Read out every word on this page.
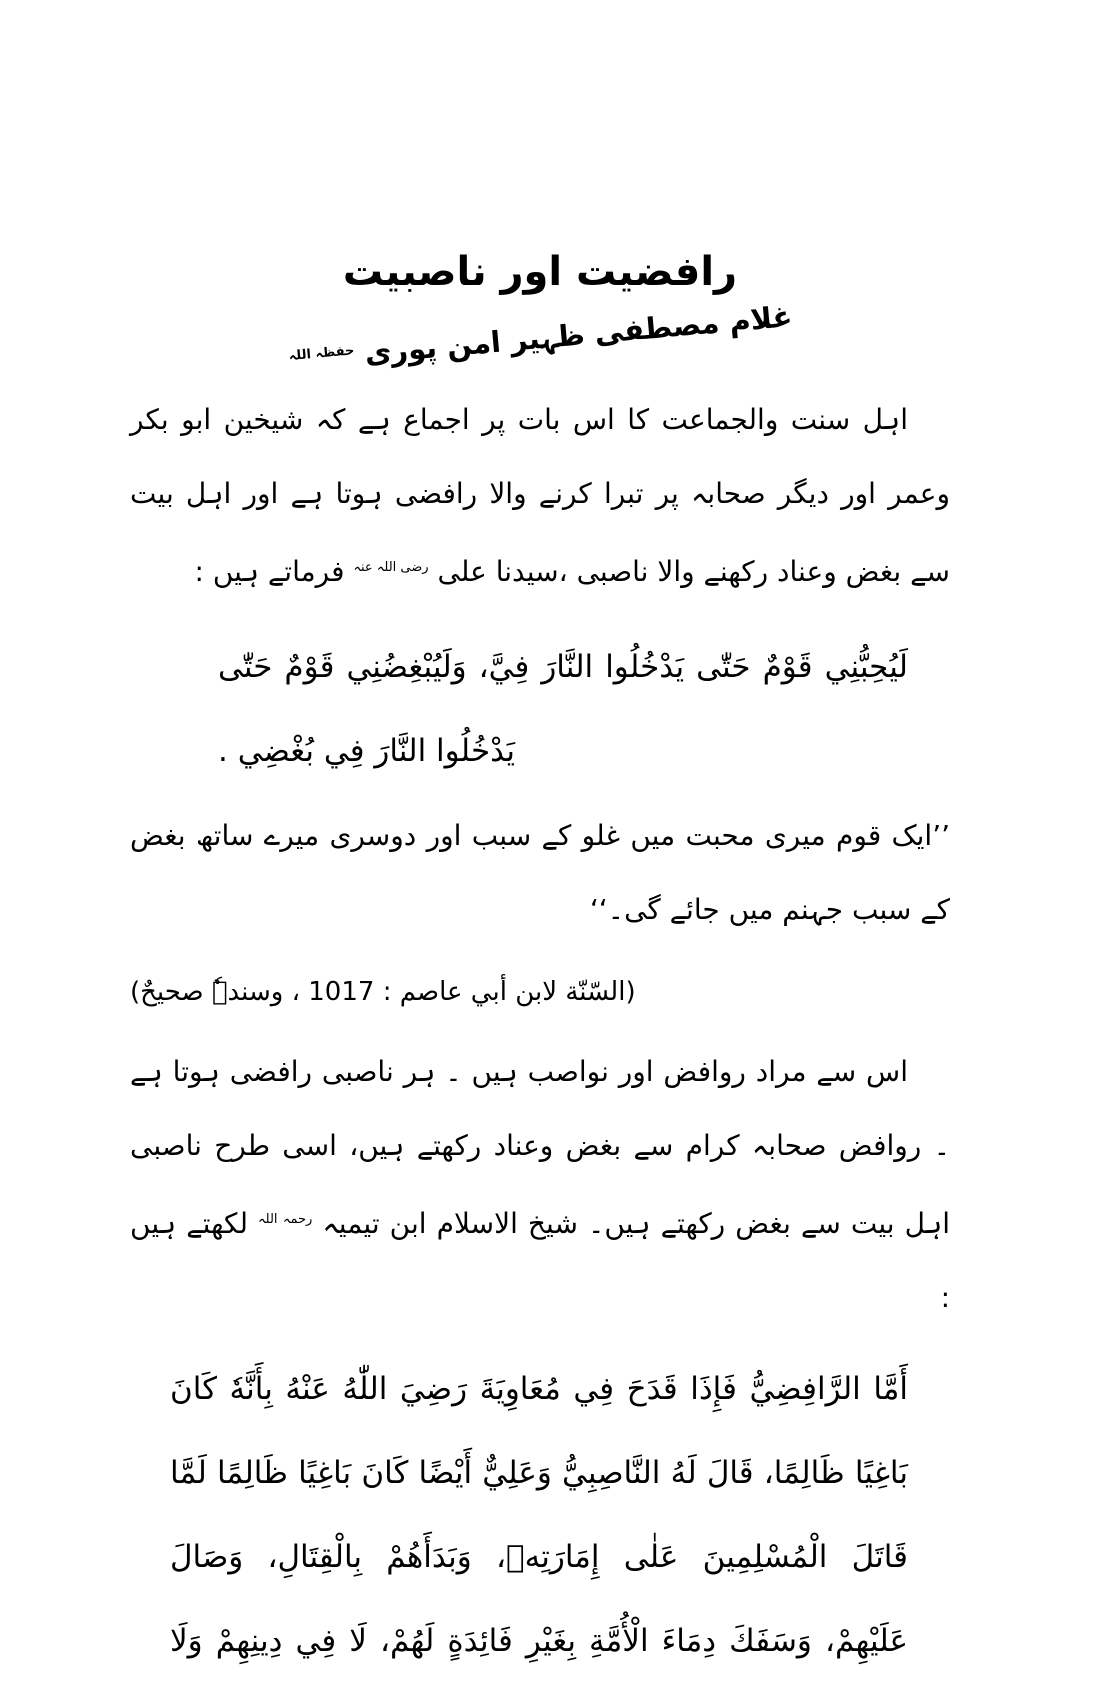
رافضیت اور ناصبیت
غلام مصطفی ظہیر امن پوری $^{حفظہ اللہ}$

اہل سنت والجماعت کا اس بات پر اجماع ہے کہ شیخین ابو بکر وعمر اور دیگر صحابہ پر تبرا کرنے والا رافضی ہوتا ہے اور اہل بیت سے بغض وعناد رکھنے والا ناصبی ،سیدنا علی $^{رضی اللہ عنہ}$ فرماتے ہیں :

لَيُحِبُّنِي قَوْمٌ حَتّٰى يَدْخُلُوا النَّارَ فِيَّ، وَلَيُبْغِضُنِي قَوْمٌ حَتّٰى يَدْخُلُوا النَّارَ فِي بُغْضِي .

’’ایک قوم میری محبت میں غلو کے سبب اور دوسری میرے ساتھ بغض کے سبب جہنم میں جائے گی۔‘‘

(السّنّة لابن أبي عاصم : 1017 ، وسندہٗ صحیحٌ)

اس سے مراد روافض اور نواصب ہیں ۔ ہر ناصبی رافضی ہوتا ہے ۔ روافض صحابہ کرام سے بغض وعناد رکھتے ہیں، اسی طرح ناصبی اہل بیت سے بغض رکھتے ہیں۔ شیخ الاسلام ابن تیمیہ $^{رحمہ اللہ}$ لکھتے ہیں :

أَمَّا الرَّافِضِيُّ فَإِذَا قَدَحَ فِي مُعَاوِيَةَ رَضِيَ اللّٰهُ عَنْهُ بِأَنَّهٗ كَانَ بَاغِيًا ظَالِمًا، قَالَ لَهُ النَّاصِبِيُّ وَعَلِيٌّ أَيْضًا كَانَ بَاغِيًا ظَالِمًا لَمَّا قَاتَلَ الْمُسْلِمِينَ عَلٰى إِمَارَتِهٖ، وَبَدَأَهُمْ بِالْقِتَالِ، وَصَالَ عَلَيْهِمْ، وَسَفَكَ دِمَاءَ الْأُمَّةِ بِغَيْرِ فَائِدَةٍ لَهُمْ، لَا فِي دِينِهِمْ وَلَا
